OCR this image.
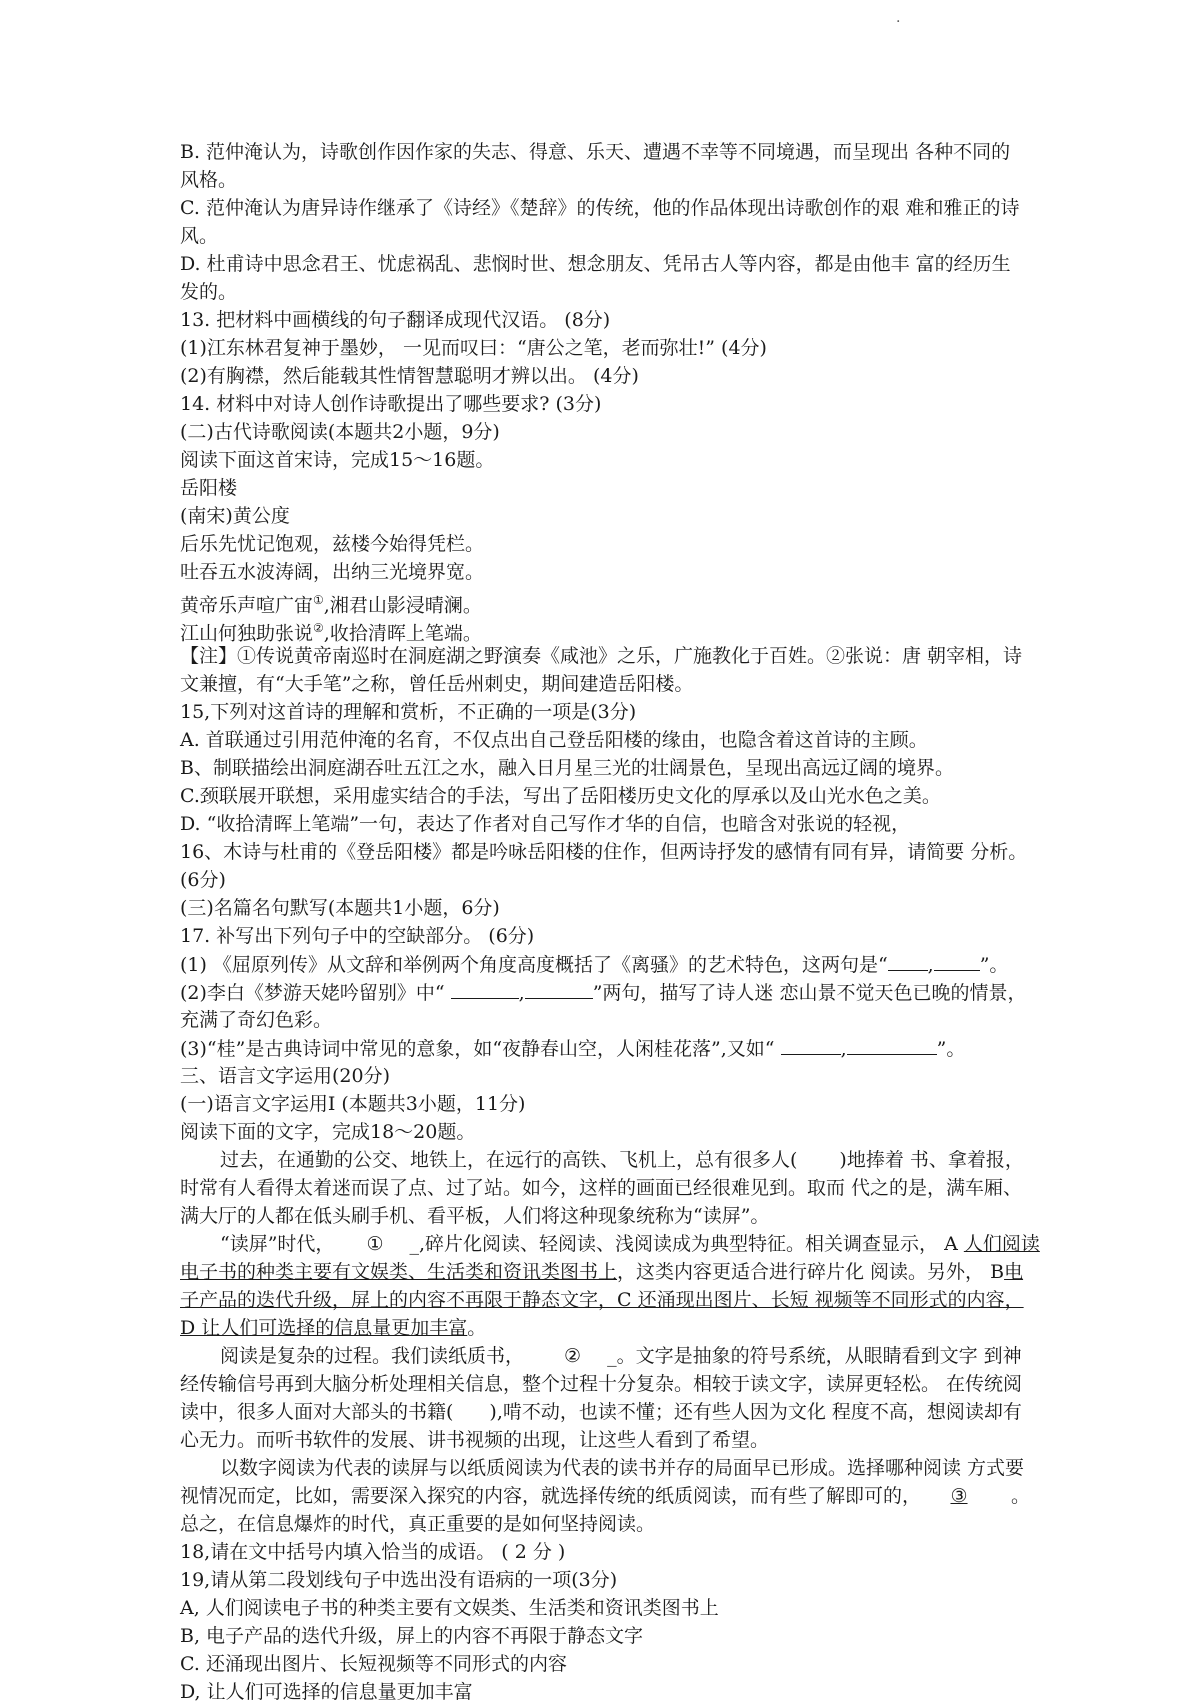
.
B. 范仲淹认为，诗歌创作因作家的失志、得意、乐天、遭遇不幸等不同境遇，而呈现出 各种不同的
风格。
C. 范仲淹认为唐异诗作继承了《诗经》《楚辞》的传统，他的作品体现出诗歌创作的艰 难和雅正的诗
风。
D. 杜甫诗中思念君王、忧虑祸乱、悲悯时世、想念朋友、凭吊古人等内容，都是由他丰 富的经历生
发的。
13. 把材料中画横线的句子翻译成现代汉语。 (8分)
(1)江东林君复神于墨妙， 一见而叹曰：“唐公之笔，老而弥壮!” (4分)
(2)有胸襟，然后能载其性情智慧聪明才辨以出。 (4分)
14. 材料中对诗人创作诗歌提出了哪些要求? (3分)
(二)古代诗歌阅读(本题共2小题，9分)
阅读下面这首宋诗，完成15～16题。
岳阳楼
(南宋)黄公度
后乐先忧记饱观，兹楼今始得凭栏。
吐吞五水波涛阔，出纳三光境界宽。
黄帝乐声喧广宙①,湘君山影浸晴澜。
江山何独助张说②,收拾清晖上笔端。
【注】①传说黄帝南巡时在洞庭湖之野演奏《咸池》之乐，广施教化于百姓。②张说：唐 朝宰相，诗
文兼擅，有“大手笔”之称，曾任岳州刺史，期间建造岳阳楼。
15,下列对这首诗的理解和赏析，不正确的一项是(3分)
A. 首联通过引用范仲淹的名育，不仅点出自己登岳阳楼的缘由，也隐含着这首诗的主顾。
B、制联描绘出洞庭湖吞吐五江之水，融入日月星三光的壮阔景色，呈现出高远辽阔的境界。
C.颈联展开联想，采用虚实结合的手法，写出了岳阳楼历史文化的厚承以及山光水色之美。
D. “收拾清晖上笔端”一句，表达了作者对自己写作才华的自信，也暗含对张说的轻视，
16、木诗与杜甫的《登岳阳楼》都是吟咏岳阳楼的住作，但两诗抒发的感情有同有异，请简要 分析。
(6分)
(三)名篇名句默写(本题共1小题，6分)
17. 补写出下列句子中的空缺部分。 (6分)
(1) 《屈原列传》从文辞和举例两个角度高度概括了《离骚》的艺术特色，这两句是“ , ”。
(2)李白《梦游天姥吟留别》中“	,	”两句，描写了诗人迷 恋山景不觉天色已晚的情景，
充满了奇幻色彩。
(3)“桂”是古典诗词中常见的意象，如“夜静春山空，人闲桂花落”,又如“	,	”。
三、语言文字运用(20分)
(一)语言文字运用Ⅰ (本题共3小题，11分)
阅读下面的文字，完成18～20题。
过去，在通勤的公交、地铁上，在远行的高铁、飞机上，总有很多人( )地捧着 书、拿着报，
时常有人看得太着迷而误了点、过了站。如今，这样的画面已经很难见到。取而 代之的是，满车厢、
满大厅的人都在低头刷手机、看平板，人们将这种现象统称为“读屏”。
“读屏”时代， ① _,碎片化阅读、轻阅读、浅阅读成为典型特征。相关调查显示， A 人们阅读
电子书的种类主要有文娱类、生活类和资讯类图书上，这类内容更适合进行碎片化 阅读。另外， B电
子产品的迭代升级，屏上的内容不再限于静态文字，C 还涌现出图片、长短 视频等不同形式的内容，
D 让人们可选择的信息量更加丰富。
阅读是复杂的过程。我们读纸质书， ② _。文字是抽象的符号系统，从眼睛看到文字 到神
经传输信号再到大脑分析处理相关信息，整个过程十分复杂。相较于读文字，读屏更轻松。 在传统阅
读中，很多人面对大部头的书籍( ),啃不动，也读不懂；还有些人因为文化 程度不高，想阅读却有
心无力。而听书软件的发展、讲书视频的出现，让这些人看到了希望。
以数字阅读为代表的读屏与以纸质阅读为代表的读书并存的局面早已形成。选择哪种阅读 方式要
视情况而定，比如，需要深入探究的内容，就选择传统的纸质阅读，而有些了解即可的， ③ 。
总之，在信息爆炸的时代，真正重要的是如何坚持阅读。
18,请在文中括号内填入恰当的成语。 ( 2 分 )
19,请从第二段划线句子中选出没有语病的一项(3分)
A, 人们阅读电子书的种类主要有文娱类、生活类和资讯类图书上
B, 电子产品的迭代升级，屏上的内容不再限于静态文字
C. 还涌现出图片、长短视频等不同形式的内容
D, 让人们可选择的信息量更加丰富
